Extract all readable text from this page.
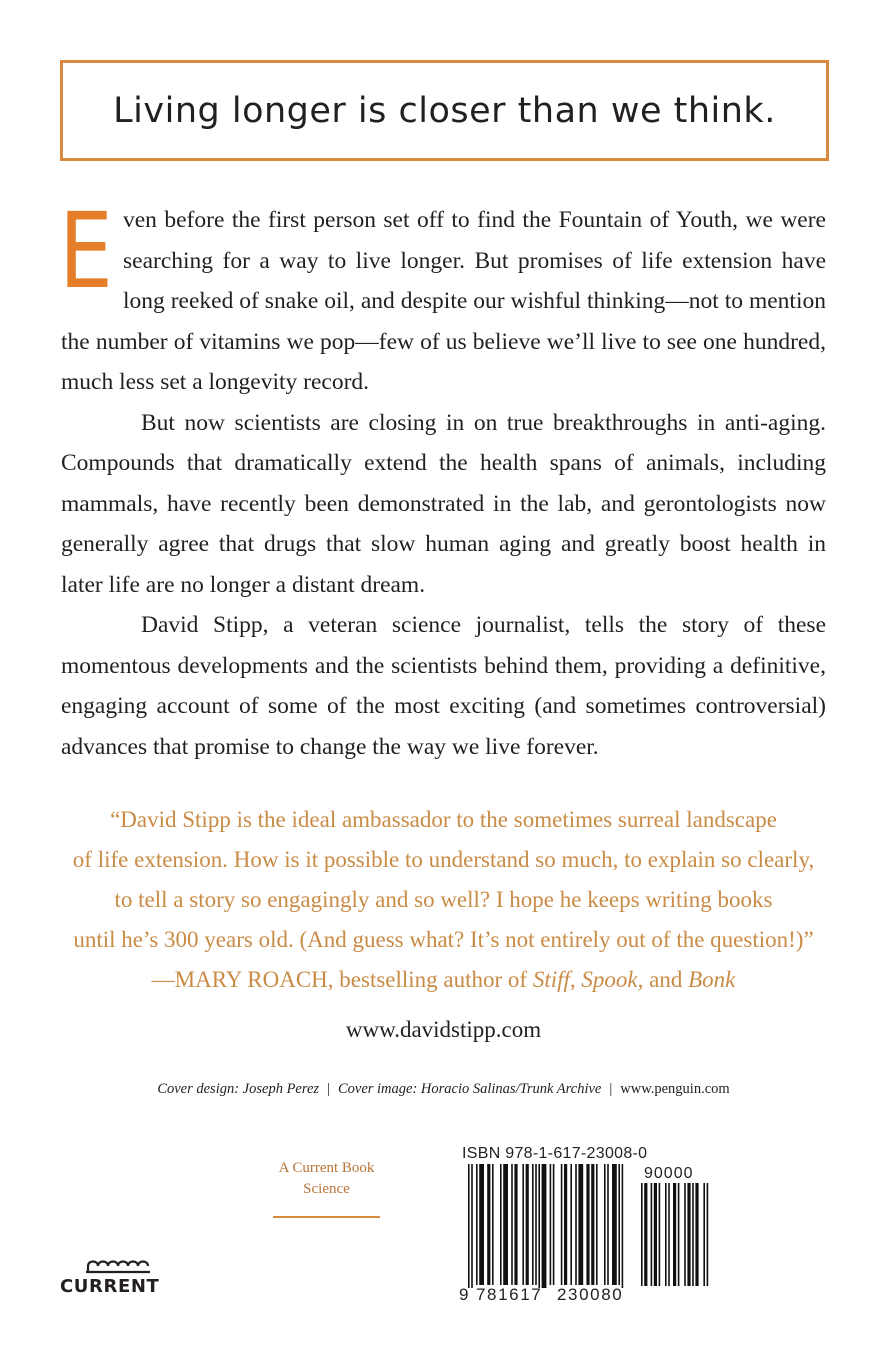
Living longer is closer than we think.

Even before the first person set off to find the Fountain of Youth, we were searching for a way to live longer. But promises of life extension have long reeked of snake oil, and despite our wishful thinking—not to mention the number of vitamins we pop—few of us believe we’ll live to see one hundred, much less set a longevity record.

But now scientists are closing in on true breakthroughs in anti-aging. Compounds that dramatically extend the health spans of animals, including mammals, have recently been demonstrated in the lab, and gerontologists now generally agree that drugs that slow human aging and greatly boost health in later life are no longer a distant dream.

David Stipp, a veteran science journalist, tells the story of these momentous developments and the scientists behind them, providing a definitive, engaging account of some of the most exciting (and sometimes controversial) advances that promise to change the way we live forever.

“David Stipp is the ideal ambassador to the sometimes surreal landscape
of life extension. How is it possible to understand so much, to explain so clearly,
to tell a story so engagingly and so well? I hope he keeps writing books
until he’s 300 years old. (And guess what? It’s not entirely out of the question!)”
—MARY ROACH, bestselling author of Stiff, Spook, and Bonk
www.davidstipp.com
Cover design: Joseph Perez | Cover image: Horacio Salinas/Trunk Archive | www.penguin.com
A Current Book
Science
CURRENT
ISBN 978-1-617-23008-0
90000
9 781617 230080
